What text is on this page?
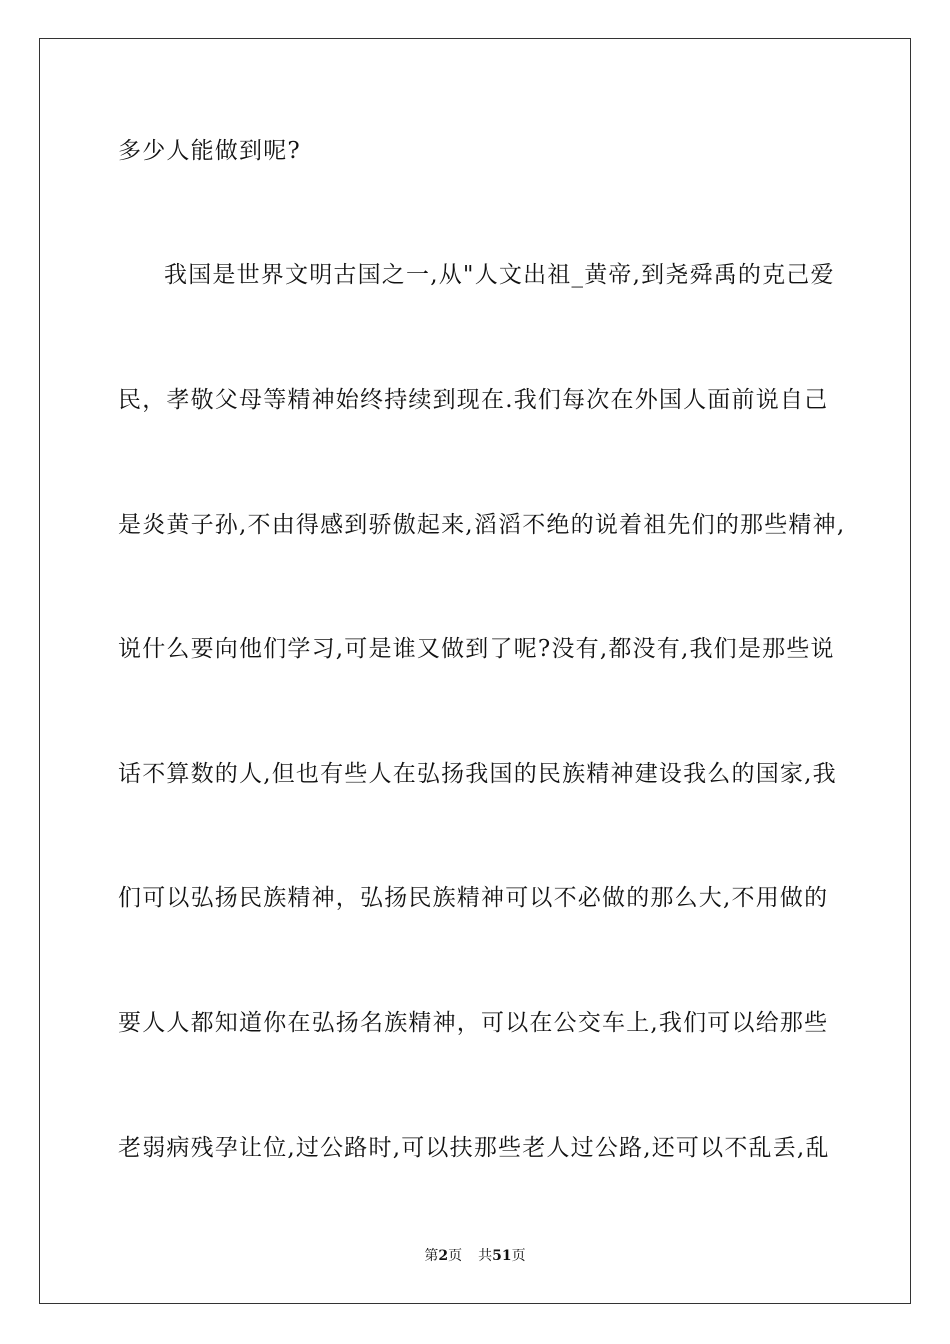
多少人能做到呢?
我国是世界文明古国之一,从"人文出祖_黄帝,到尧舜禹的克己爱
民，孝敬父母等精神始终持续到现在.我们每次在外国人面前说自己
是炎黄子孙,不由得感到骄傲起来,滔滔不绝的说着祖先们的那些精神,
说什么要向他们学习,可是谁又做到了呢?没有,都没有,我们是那些说
话不算数的人,但也有些人在弘扬我国的民族精神建设我么的国家,我
们可以弘扬民族精神，弘扬民族精神可以不必做的那么大,不用做的
要人人都知道你在弘扬名族精神，可以在公交车上,我们可以给那些
老弱病残孕让位,过公路时,可以扶那些老人过公路,还可以不乱丢,乱
第2页 共51页
